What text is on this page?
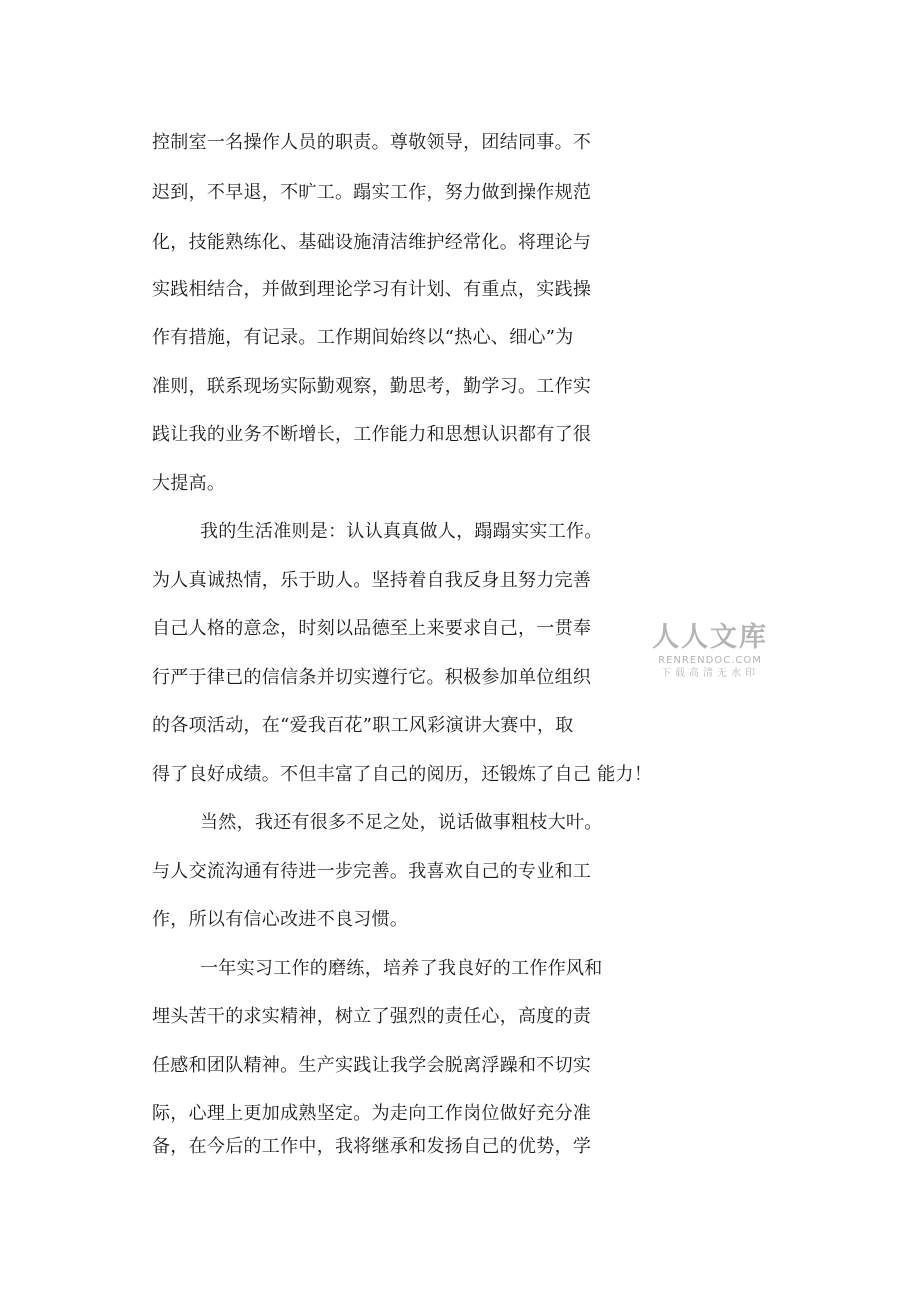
控制室一名操作人员的职责。尊敬领导，团结同事。不
迟到，不早退，不旷工。蹋实工作，努力做到操作规范
化，技能熟练化、基础设施清洁维护经常化。将理论与
实践相结合，并做到理论学习有计划、有重点，实践操
作有措施，有记录。工作期间始终以“热心、细心”为
准则，联系现场实际勤观察，勤思考，勤学习。工作实
践让我的业务不断增长，工作能力和思想认识都有了很
大提高。
我的生活准则是：认认真真做人，蹋蹋实实工作。
为人真诚热情，乐于助人。坚持着自我反身且努力完善
自己人格的意念，时刻以品德至上来要求自己，一贯奉
行严于律已的信信条并切实遵行它。积极参加单位组织
的各项活动，在“爱我百花”职工风彩演讲大赛中，取
得了良好成绩。不但丰富了自己的阅历，还锻炼了自己 能力！
当然，我还有很多不足之处，说话做事粗枝大叶。
与人交流沟通有待进一步完善。我喜欢自己的专业和工
作，所以有信心改进不良习惯。
一年实习工作的磨练，培养了我良好的工作作风和
埋头苦干的求实精神，树立了强烈的责任心，高度的责
任感和团队精神。生产实践让我学会脱离浮躁和不切实
际，心理上更加成熟坚定。为走向工作岗位做好充分准
备，在今后的工作中，我将继承和发扬自己的优势，学
人人文库
RENRENDOC.COM
下载高清无水印
